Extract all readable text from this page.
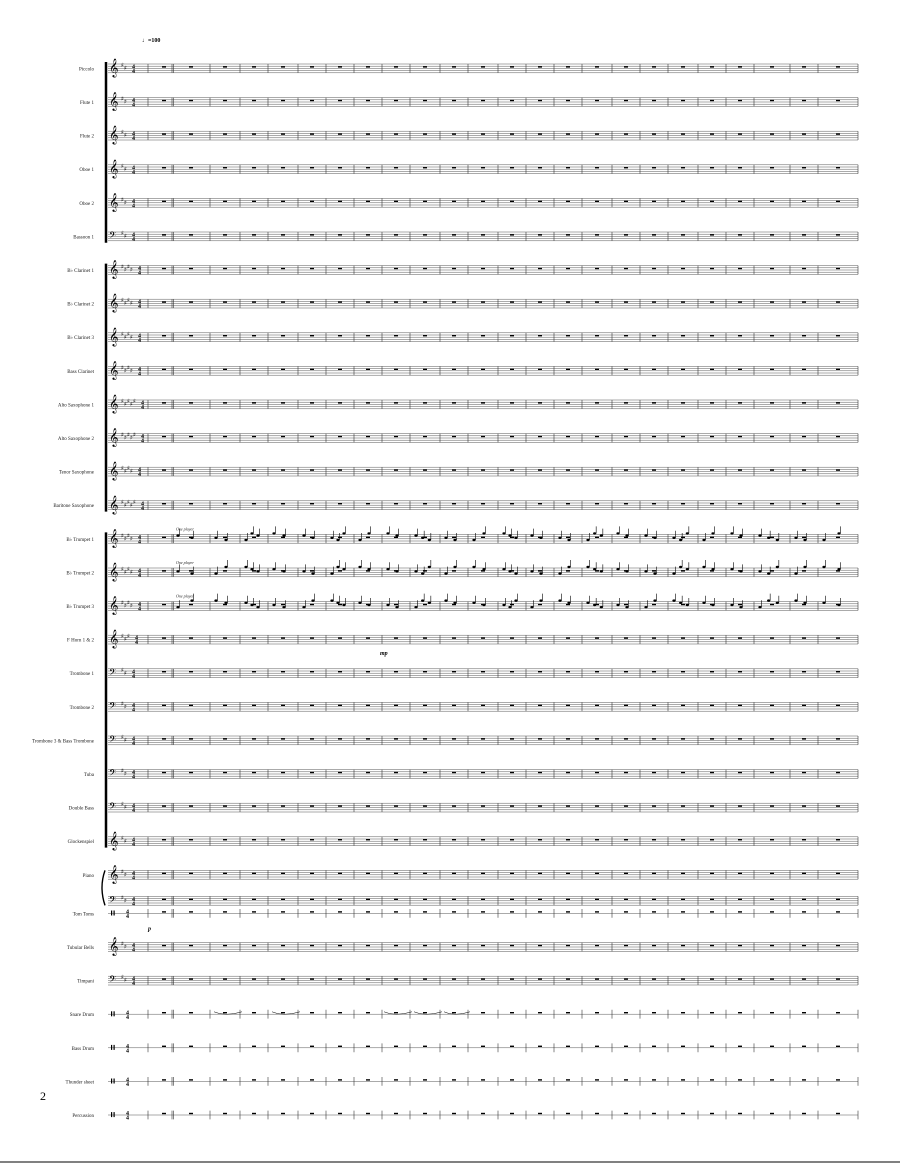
♩=100
Piccolo 𝄞 ♯ ♯ 4
4
Flute 1 𝄞 ♯ ♯ 4
4
Flute 2 𝄞 ♯ ♯ 4
4
Oboe 1 𝄞 ♯ ♯ 4
4
Oboe 2 𝄞 ♯ ♯ 4
4
Bassoon 1 𝄢 ♯ ♯ 4
4
B♭ Clarinet 1 𝄞 ♯ ♯ ♯ ♯ 4
4
B♭ Clarinet 2 𝄞 ♯ ♯ ♯ ♯ 4
4
B♭ Clarinet 3 𝄞 ♯ ♯ ♯ ♯ 4
4
Bass Clarinet 𝄞 ♯ ♯ ♯ ♯ 4
4
Alto Saxophone 1 𝄞 ♯ ♯ ♯ ♯ ♯ 4
4
Alto Saxophone 2 𝄞 ♯ ♯ ♯ ♯ ♯ 4
4
Tenor Saxophone 𝄞 ♯ ♯ ♯ ♯ 4
4
Baritone Saxophone 𝄞 ♯ ♯ ♯ ♯ ♯ 4
4
B♭ Trumpet 1 𝄞 ♯ ♯ ♯ ♯ 4
4
B♭ Trumpet 2 𝄞 ♯ ♯ ♯ ♯ 4
4
B♭ Trumpet 3 𝄞 ♯ ♯ ♯ ♯ 4
4
F Horn 1 & 2 𝄞 ♯ ♯ ♯ 4
4
Trombone 1 𝄢 ♯ ♯ 4
4
Trombone 2 𝄢 ♯ ♯ 4
4
Trombone 3 & Bass Trombone 𝄢 ♯ ♯ 4
4
Tuba 𝄢 ♯ ♯ 4
4
Double Bass 𝄢 ♯ ♯ 4
4
Glockenspiel 𝄞 ♯ ♯ 4
4
Piano 𝄞 ♯ ♯ 4
4
𝄢 ♯ ♯ 4
4
Tom Toms	4
4
Tubular Bells 𝄞 ♯ ♯ 4
4
Timpani 𝄢 ♯ ♯ 4
4
Snare Drum	4
4
Bass Drum	4
4
Thunder sheet	4
4
Percussion	4
4
One player
One player
One player
mp
p
2
